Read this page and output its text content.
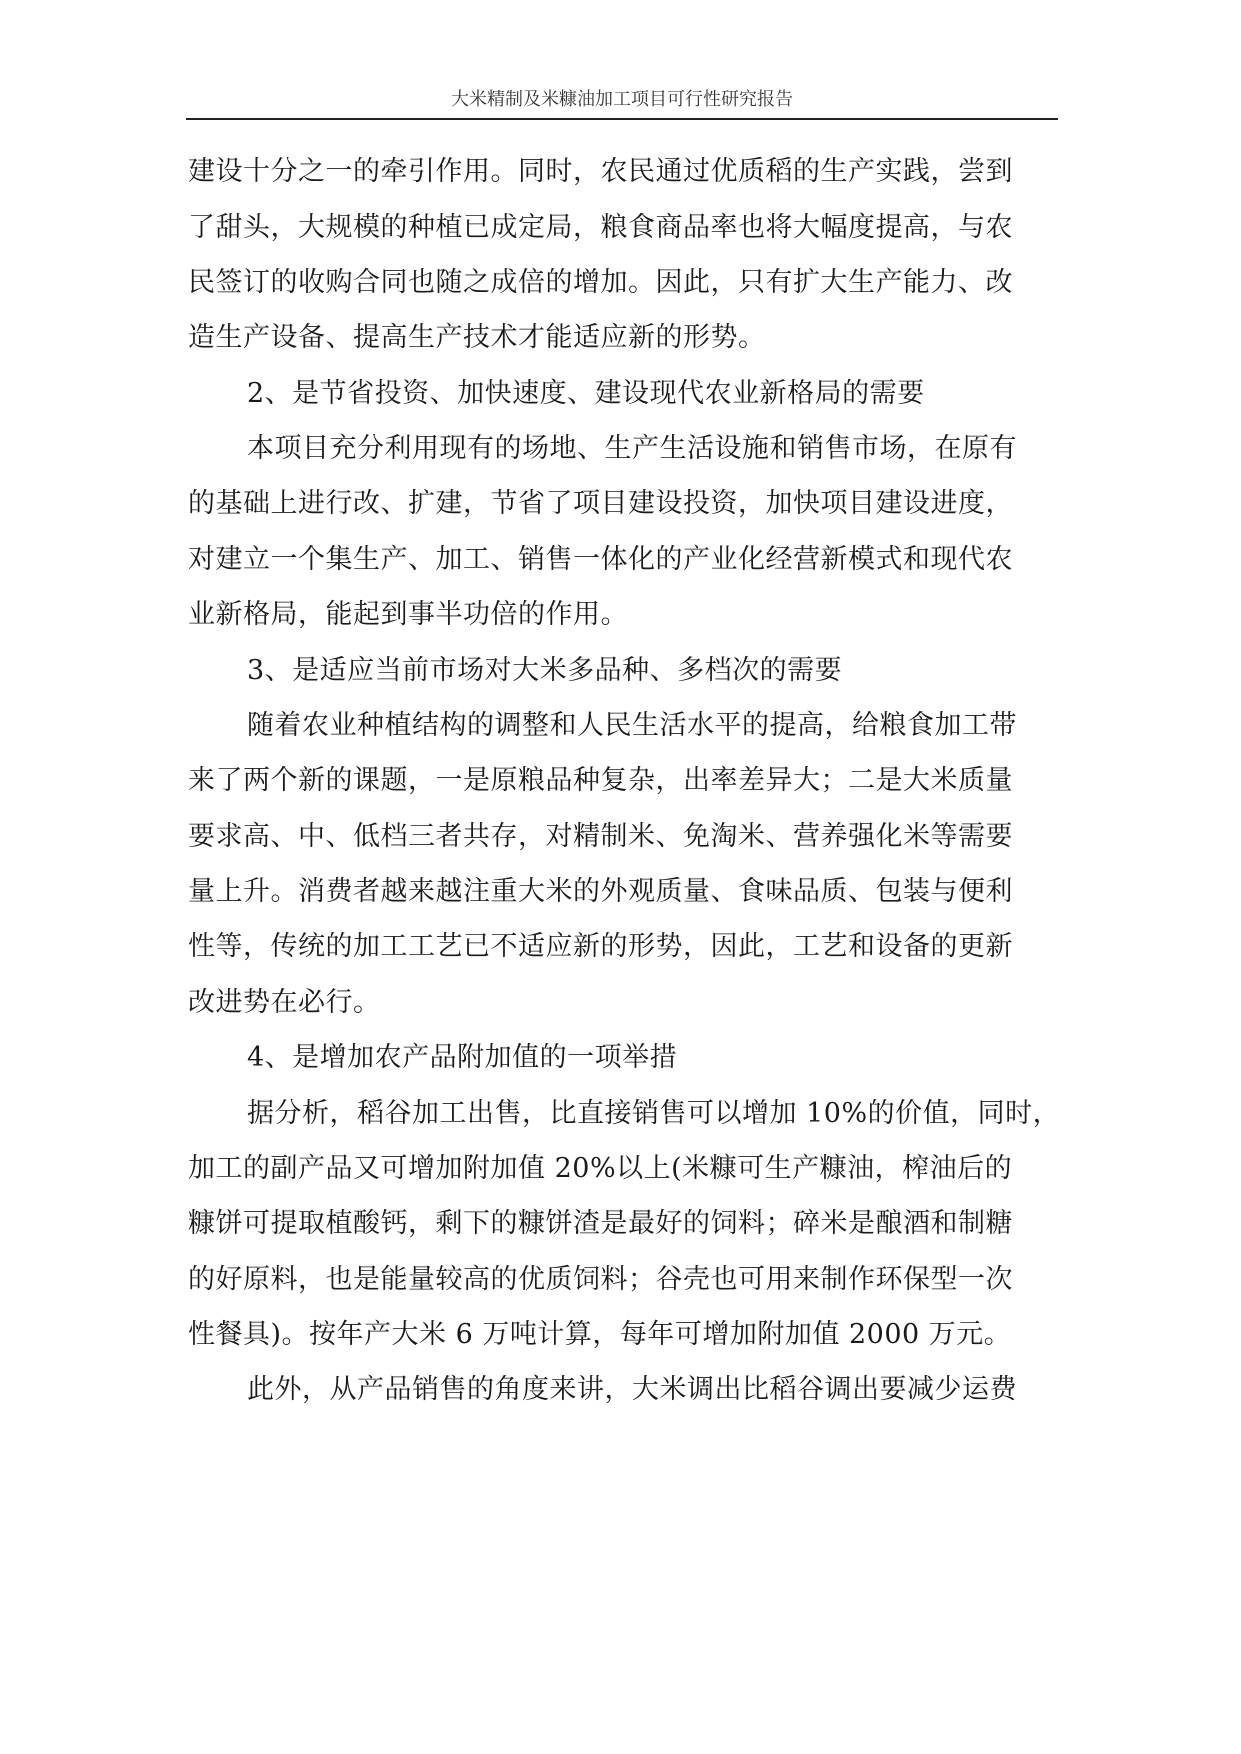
大米精制及米糠油加工项目可行性研究报告
建设十分之一的牵引作用。同时，农民通过优质稻的生产实践，尝到
了甜头，大规模的种植已成定局，粮食商品率也将大幅度提高，与农
民签订的收购合同也随之成倍的增加。因此，只有扩大生产能力、改
造生产设备、提高生产技术才能适应新的形势。
2、是节省投资、加快速度、建设现代农业新格局的需要
本项目充分利用现有的场地、生产生活设施和销售市场，在原有
的基础上进行改、扩建，节省了项目建设投资，加快项目建设进度，
对建立一个集生产、加工、销售一体化的产业化经营新模式和现代农
业新格局，能起到事半功倍的作用。
3、是适应当前市场对大米多品种、多档次的需要
随着农业种植结构的调整和人民生活水平的提高，给粮食加工带
来了两个新的课题，一是原粮品种复杂，出率差异大；二是大米质量
要求高、中、低档三者共存，对精制米、免淘米、营养强化米等需要
量上升。消费者越来越注重大米的外观质量、食味品质、包装与便利
性等，传统的加工工艺已不适应新的形势，因此，工艺和设备的更新
改进势在必行。
4、是增加农产品附加值的一项举措
据分析，稻谷加工出售，比直接销售可以增加 10%的价值，同时，
加工的副产品又可增加附加值 20%以上(米糠可生产糠油，榨油后的
糠饼可提取植酸钙，剩下的糠饼渣是最好的饲料；碎米是酿酒和制糖
的好原料，也是能量较高的优质饲料；谷壳也可用来制作环保型一次
性餐具)。按年产大米 6 万吨计算，每年可增加附加值 2000 万元。
此外，从产品销售的角度来讲，大米调出比稻谷调出要减少运费
